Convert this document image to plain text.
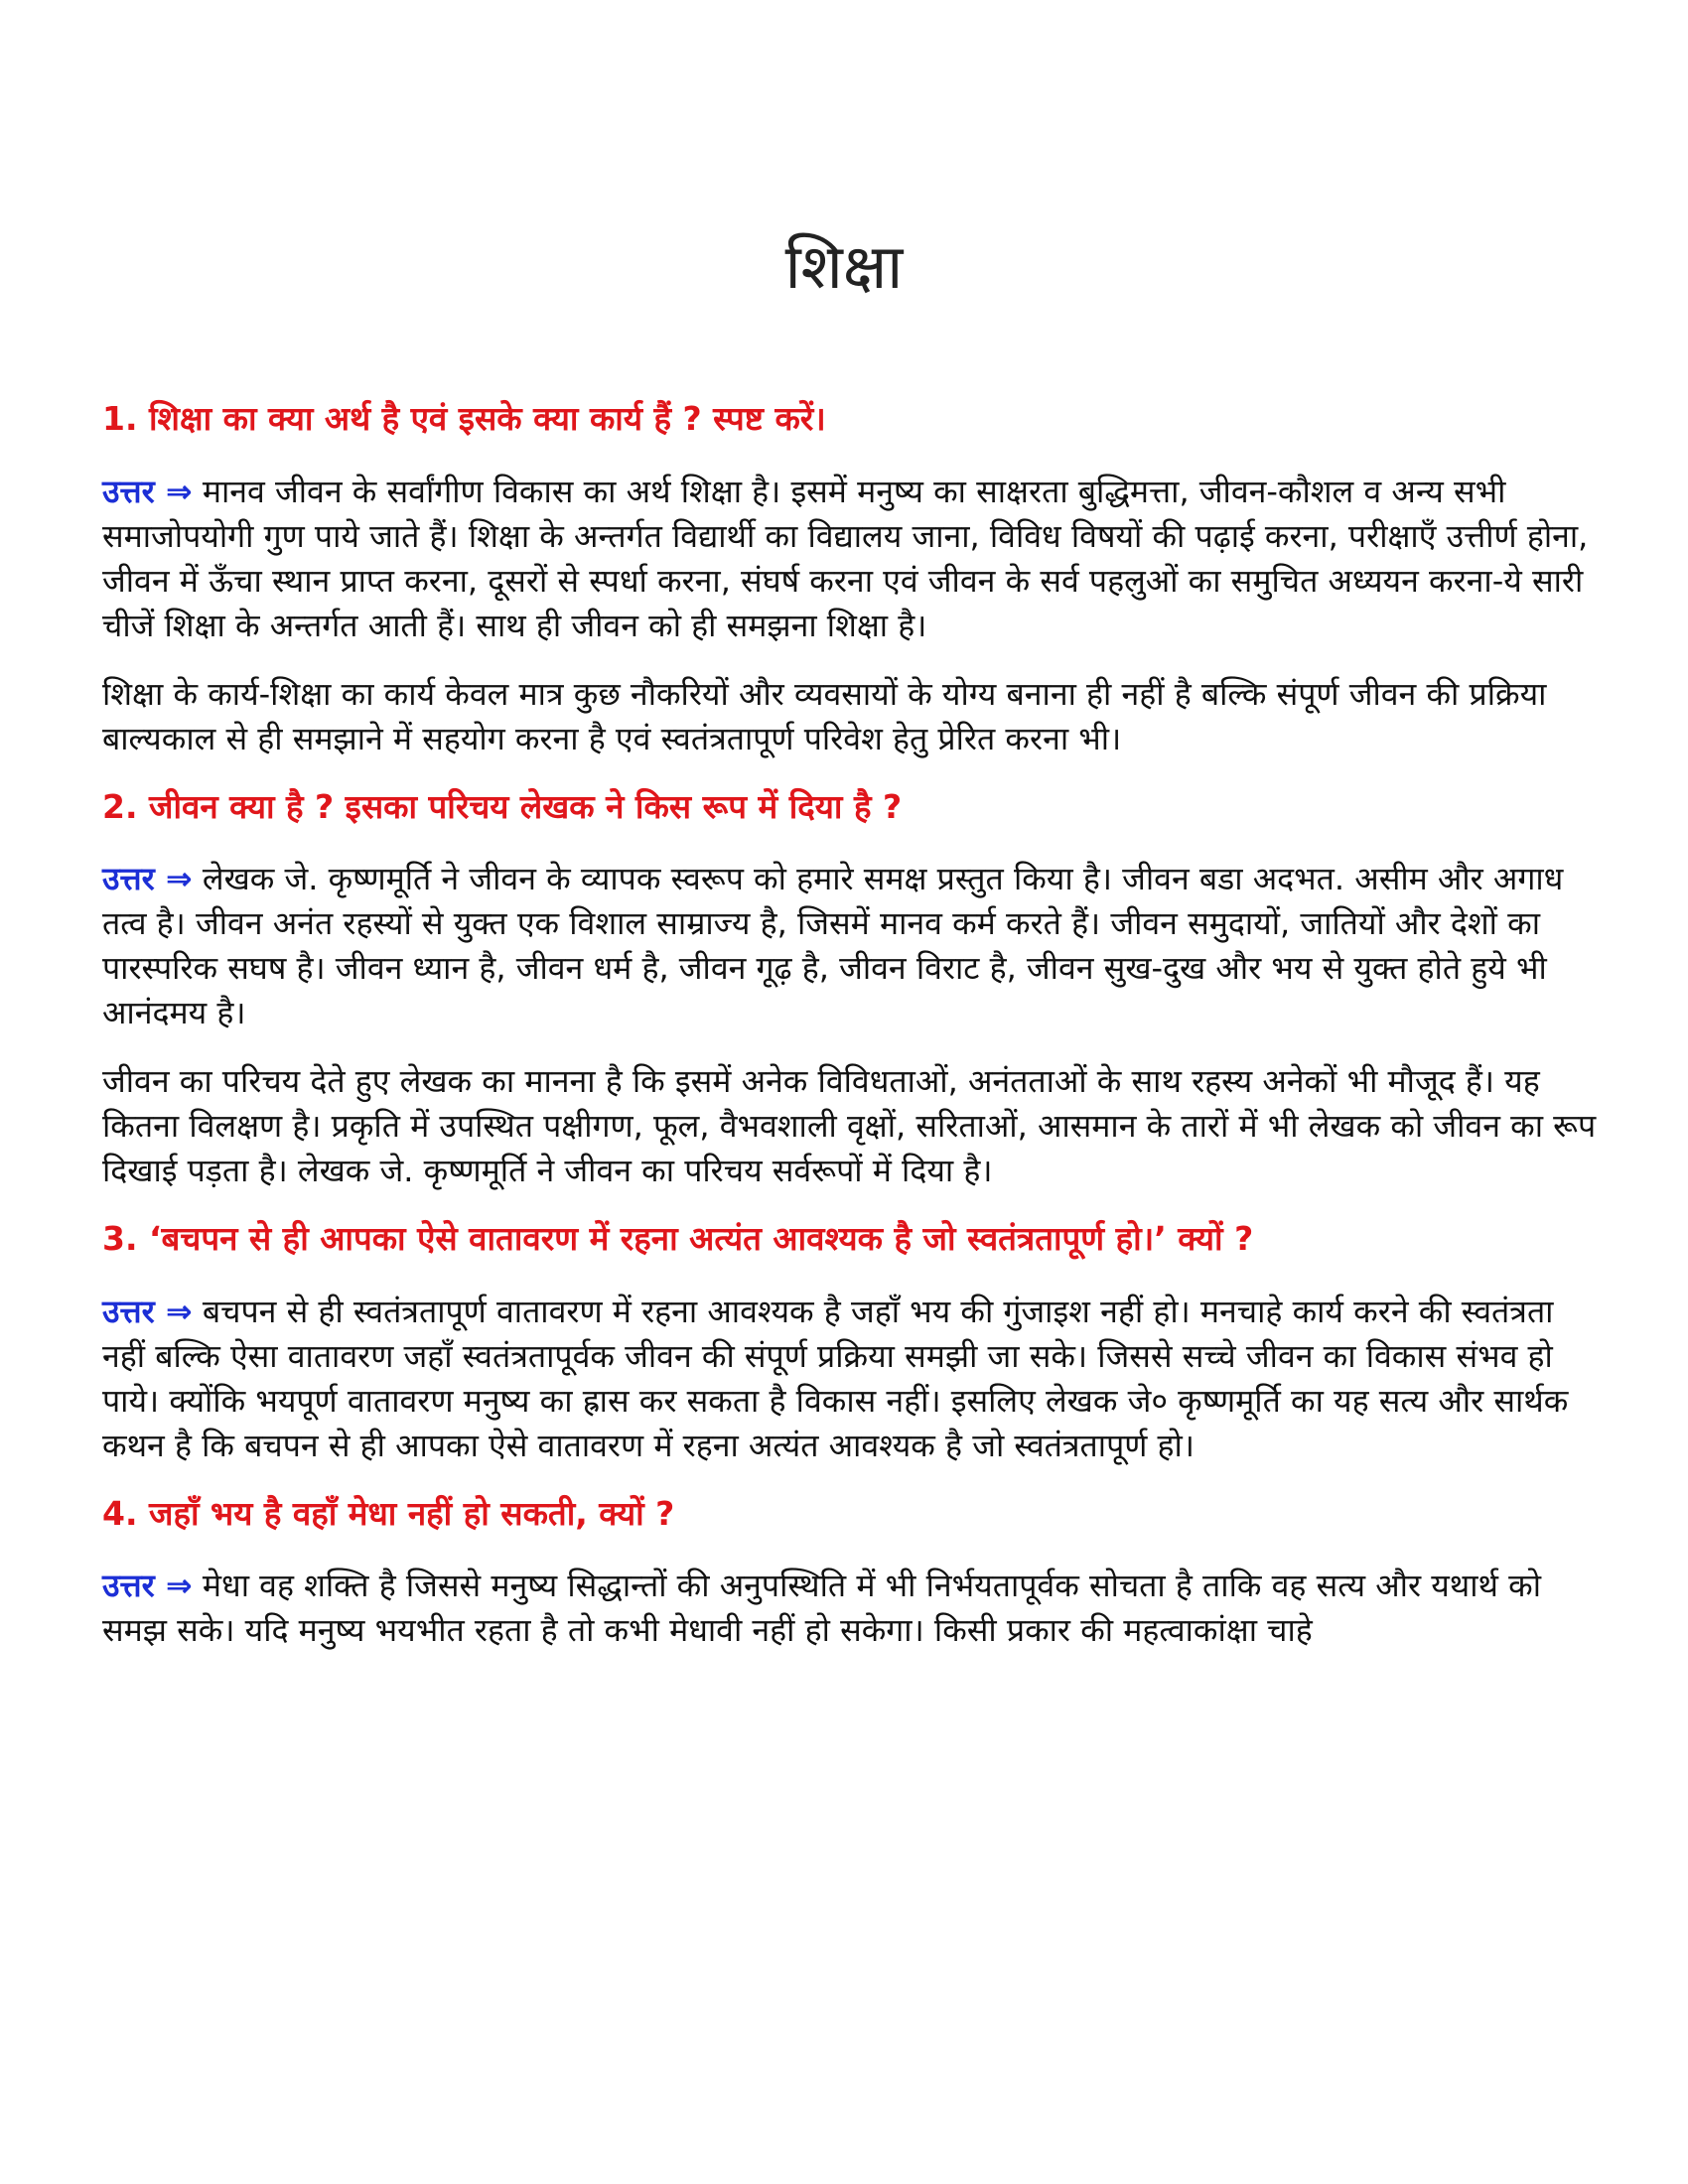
शिक्षा

1. शिक्षा का क्या अर्थ है एवं इसके क्या कार्य हैं ? स्पष्ट करें।

उत्तर ⇒ मानव जीवन के सर्वांगीण विकास का अर्थ शिक्षा है। इसमें मनुष्य का साक्षरता बुद्धिमत्ता, जीवन-कौशल व अन्य सभी समाजोपयोगी गुण पाये जाते हैं। शिक्षा के अन्तर्गत विद्यार्थी का विद्यालय जाना, विविध विषयों की पढ़ाई करना, परीक्षाएँ उत्तीर्ण होना, जीवन में ऊँचा स्थान प्राप्त करना, दूसरों से स्पर्धा करना, संघर्ष करना एवं जीवन के सर्व पहलुओं का समुचित अध्ययन करना-ये सारी चीजें शिक्षा के अन्तर्गत आती हैं। साथ ही जीवन को ही समझना शिक्षा है।

शिक्षा के कार्य-शिक्षा का कार्य केवल मात्र कुछ नौकरियों और व्यवसायों के योग्य बनाना ही नहीं है बल्कि संपूर्ण जीवन की प्रक्रिया बाल्यकाल से ही समझाने में सहयोग करना है एवं स्वतंत्रतापूर्ण परिवेश हेतु प्रेरित करना भी।

2. जीवन क्या है ? इसका परिचय लेखक ने किस रूप में दिया है ?

उत्तर ⇒ लेखक जे. कृष्णमूर्ति ने जीवन के व्यापक स्वरूप को हमारे समक्ष प्रस्तुत किया है। जीवन बडा अदभत. असीम और अगाध तत्व है। जीवन अनंत रहस्यों से युक्त एक विशाल साम्राज्य है, जिसमें मानव कर्म करते हैं। जीवन समुदायों, जातियों और देशों का पारस्परिक सघष है। जीवन ध्यान है, जीवन धर्म है, जीवन गूढ़ है, जीवन विराट है, जीवन सुख-दुख और भय से युक्त होते हुये भी आनंदमय है।

जीवन का परिचय देते हुए लेखक का मानना है कि इसमें अनेक विविधताओं, अनंतताओं के साथ रहस्य अनेकों भी मौजूद हैं। यह कितना विलक्षण है। प्रकृति में उपस्थित पक्षीगण, फूल, वैभवशाली वृक्षों, सरिताओं, आसमान के तारों में भी लेखक को जीवन का रूप दिखाई पड़ता है। लेखक जे. कृष्णमूर्ति ने जीवन का परिचय सर्वरूपों में दिया है।

3. ‘बचपन से ही आपका ऐसे वातावरण में रहना अत्यंत आवश्यक है जो स्वतंत्रतापूर्ण हो।’ क्यों ?

उत्तर ⇒ बचपन से ही स्वतंत्रतापूर्ण वातावरण में रहना आवश्यक है जहाँ भय की गुंजाइश नहीं हो। मनचाहे कार्य करने की स्वतंत्रता नहीं बल्कि ऐसा वातावरण जहाँ स्वतंत्रतापूर्वक जीवन की संपूर्ण प्रक्रिया समझी जा सके। जिससे सच्चे जीवन का विकास संभव हो पाये। क्योंकि भयपूर्ण वातावरण मनुष्य का ह्रास कर सकता है विकास नहीं। इसलिए लेखक जे० कृष्णमूर्ति का यह सत्य और सार्थक कथन है कि बचपन से ही आपका ऐसे वातावरण में रहना अत्यंत आवश्यक है जो स्वतंत्रतापूर्ण हो।

4. जहाँ भय है वहाँ मेधा नहीं हो सकती, क्यों ?

उत्तर ⇒ मेधा वह शक्ति है जिससे मनुष्य सिद्धान्तों की अनुपस्थिति में भी निर्भयतापूर्वक सोचता है ताकि वह सत्य और यथार्थ को समझ सके। यदि मनुष्य भयभीत रहता है तो कभी मेधावी नहीं हो सकेगा। किसी प्रकार की महत्वाकांक्षा चाहे
